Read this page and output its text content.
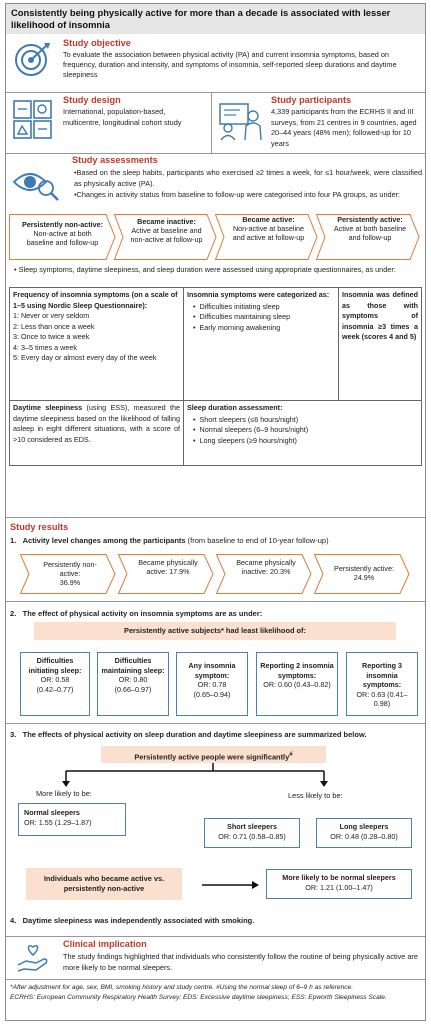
Consistently being physically active for more than a decade is associated with lesser likelihood of insomnia
Study objective
To evaluate the association between physical activity (PA) and current insomnia symptoms, based on frequency, duration and intensity, and symptoms of insomnia, self-reported sleep durations and daytime sleepiness
Study design
International, population-based, multicentre, longitudinal cohort study
Study participants
4,339 participants from the ECRHS II and III surveys, from 21 centres in 9 countries, aged 20–44 years (48% men); followed-up for 10 years
Study assessments
•Based on the sleep habits, participants who exercised ≥2 times a week, for ≤1 hour/week, were classified as physically active (PA).
•Changes in activity status from baseline to follow-up were categorised into four PA groups, as under:
Persistently non-active:
Non-active at both baseline and follow-up
Became inactive:
Active at baseline and non-active at follow-up
Became active:
Non-active at baseline and active at follow-up
Persistently active:
Active at both baseline and follow-up
• Sleep symptoms, daytime sleepiness, and sleep duration were assessed using appropriate questionnaires, as under:
Frequency of insomnia symptoms (on a scale of 1–5 using Nordic Sleep Questionnaire):
1: Never or very seldom
2: Less than once a week
3: Once to twice a week
4: 3–5 times a week
5: Every day or almost every day of the week
Insomnia symptoms were categorized as:
•  Difficulties initiating sleep
•  Difficulties maintaining sleep
•  Early morning awakening
Insomnia was defined as those with symptoms of insomnia ≥3 times a week (scores 4 and 5)
Daytime sleepiness (using ESS), measured the daytime sleepiness based on the likelihood of falling asleep in eight different situations, with a score of >10 considered as EDS.
Sleep duration assessment:
•  Short sleepers (≤6 hours/night)
•  Normal sleepers (6–9 hours/night)
•  Long sleepers (≥9 hours/night)
Study results
1. Activity level changes among the participants (from baseline to end of 10-year follow-up)
Persistently non-active:
36.9%
Became physically active: 17.9%
Became physically inactive: 20.3%	Persistently active: 24.9%
2. The effect of physical activity on insomnia symptoms are as under:
Persistently active subjects* had least likelihood of:
Difficulties initiating sleep:
OR: 0.58
(0.42–0.77)
Difficulties maintaining sleep:
OR: 0.80
(0.66–0.97)
Any insomnia symptom:
OR: 0.78
(0.65–0.94)
Reporting 2 insomnia symptoms:
OR: 0.60 (0.43–0.82)
Reporting 3 insomnia symptoms:
OR: 0.63 (0.41–0.98)
3. The effects of physical activity on sleep duration and daytime sleepiness are summarized below.
Persistently active people were significantly#
More likely to be:	Less likely to be:
Normal sleepers
OR: 1.55 (1.29–1.87)	Short sleepers
OR: 0.71 (0.58–0.85)
Long sleepers
OR: 0.48 (0.28–0.80)
Individuals who became active vs. persistently non-active
More likely to be normal sleepers
OR: 1.21 (1.00–1.47)
4. Daytime sleepiness was independently associated with smoking.
Clinical implication
The study findings highlighted that individuals who consistently follow the routine of being physically active are more likely to be normal sleepers.
*After adjustment for age, sex, BMI, smoking history and study centre. #Using the normal sleep of 6–9 h as reference.
ECRHS: European Community Respiratory Health Survey; EDS: Excessive daytime sleepiness; ESS: Epworth Sleepiness Scale.
